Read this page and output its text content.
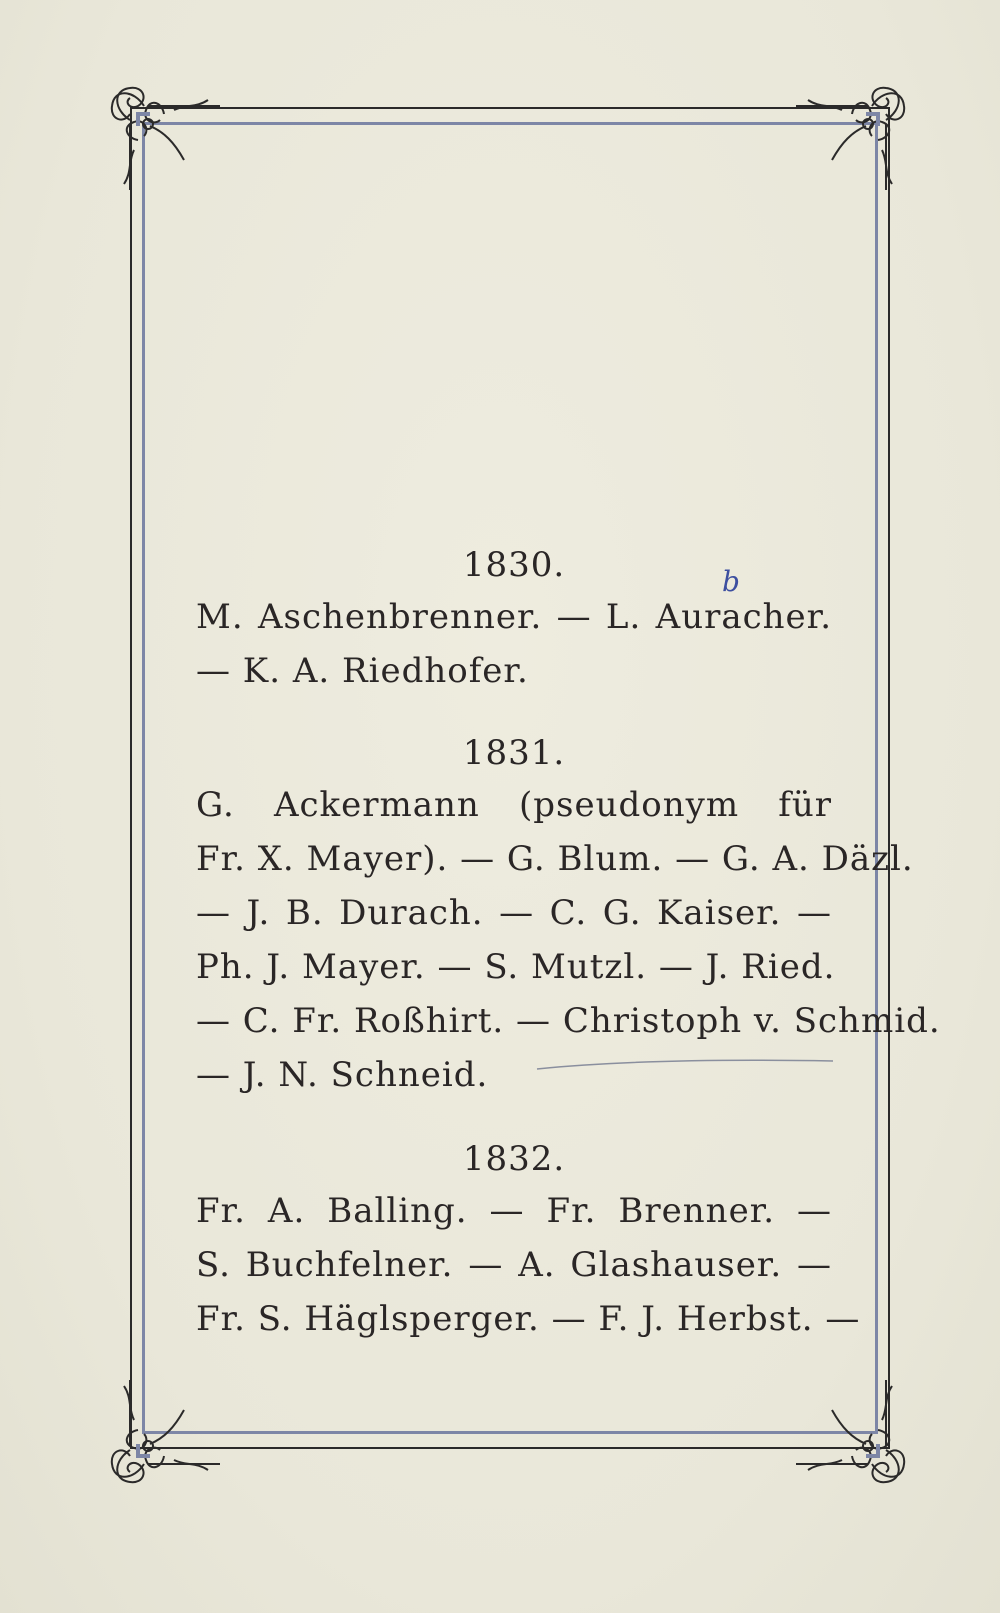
b
1830.

M. Aschenbrenner. — L. Auracher.

— K. A. Riedhofer.

1831.

G. Ackermann (pseudonym für

Fr. X. Mayer). — G. Blum. — G. A. Däzl.

— J. B. Durach. — C. G. Kaiser. —

Ph. J. Mayer. — S. Mutzl. — J. Ried.

— C. Fr. Roßhirt. — Christoph v. Schmid.

— J. N. Schneid.

1832.

Fr. A. Balling. — Fr. Brenner. —

S. Buchfelner. — A. Glashauser. —

Fr. S. Häglsperger. — F. J. Herbst. —
